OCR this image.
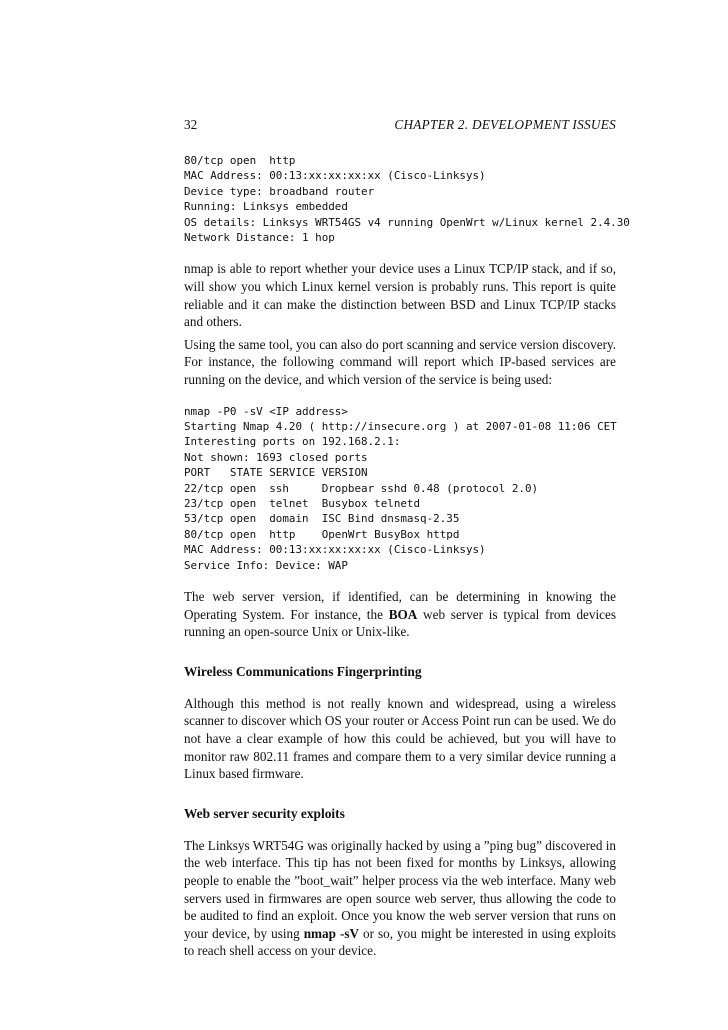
32	CHAPTER 2. DEVELOPMENT ISSUES
80/tcp open  http
MAC Address: 00:13:xx:xx:xx:xx (Cisco-Linksys)
Device type: broadband router
Running: Linksys embedded
OS details: Linksys WRT54GS v4 running OpenWrt w/Linux kernel 2.4.30
Network Distance: 1 hop

nmap is able to report whether your device uses a Linux TCP/IP stack, and if so, will show you which Linux kernel version is probably runs. This report is quite reliable and it can make the distinction between BSD and Linux TCP/IP stacks and others.

Using the same tool, you can also do port scanning and service version discovery. For instance, the following command will report which IP-based services are running on the device, and which version of the service is being used:

nmap -P0 -sV <IP address>
Starting Nmap 4.20 ( http://insecure.org ) at 2007-01-08 11:06 CET
Interesting ports on 192.168.2.1:
Not shown: 1693 closed ports
PORT   STATE SERVICE VERSION
22/tcp open  ssh     Dropbear sshd 0.48 (protocol 2.0)
23/tcp open  telnet  Busybox telnetd
53/tcp open  domain  ISC Bind dnsmasq-2.35
80/tcp open  http    OpenWrt BusyBox httpd
MAC Address: 00:13:xx:xx:xx:xx (Cisco-Linksys)
Service Info: Device: WAP

The web server version, if identified, can be determining in knowing the Operating System. For instance, the BOA web server is typical from devices running an open-source Unix or Unix-like.

Wireless Communications Fingerprinting

Although this method is not really known and widespread, using a wireless scanner to discover which OS your router or Access Point run can be used. We do not have a clear example of how this could be achieved, but you will have to monitor raw 802.11 frames and compare them to a very similar device running a Linux based firmware.

Web server security exploits

The Linksys WRT54G was originally hacked by using a ”ping bug” discovered in the web interface. This tip has not been fixed for months by Linksys, allowing people to enable the ”boot_wait” helper process via the web interface. Many web servers used in firmwares are open source web server, thus allowing the code to be audited to find an exploit. Once you know the web server version that runs on your device, by using nmap -sV or so, you might be interested in using exploits to reach shell access on your device.
